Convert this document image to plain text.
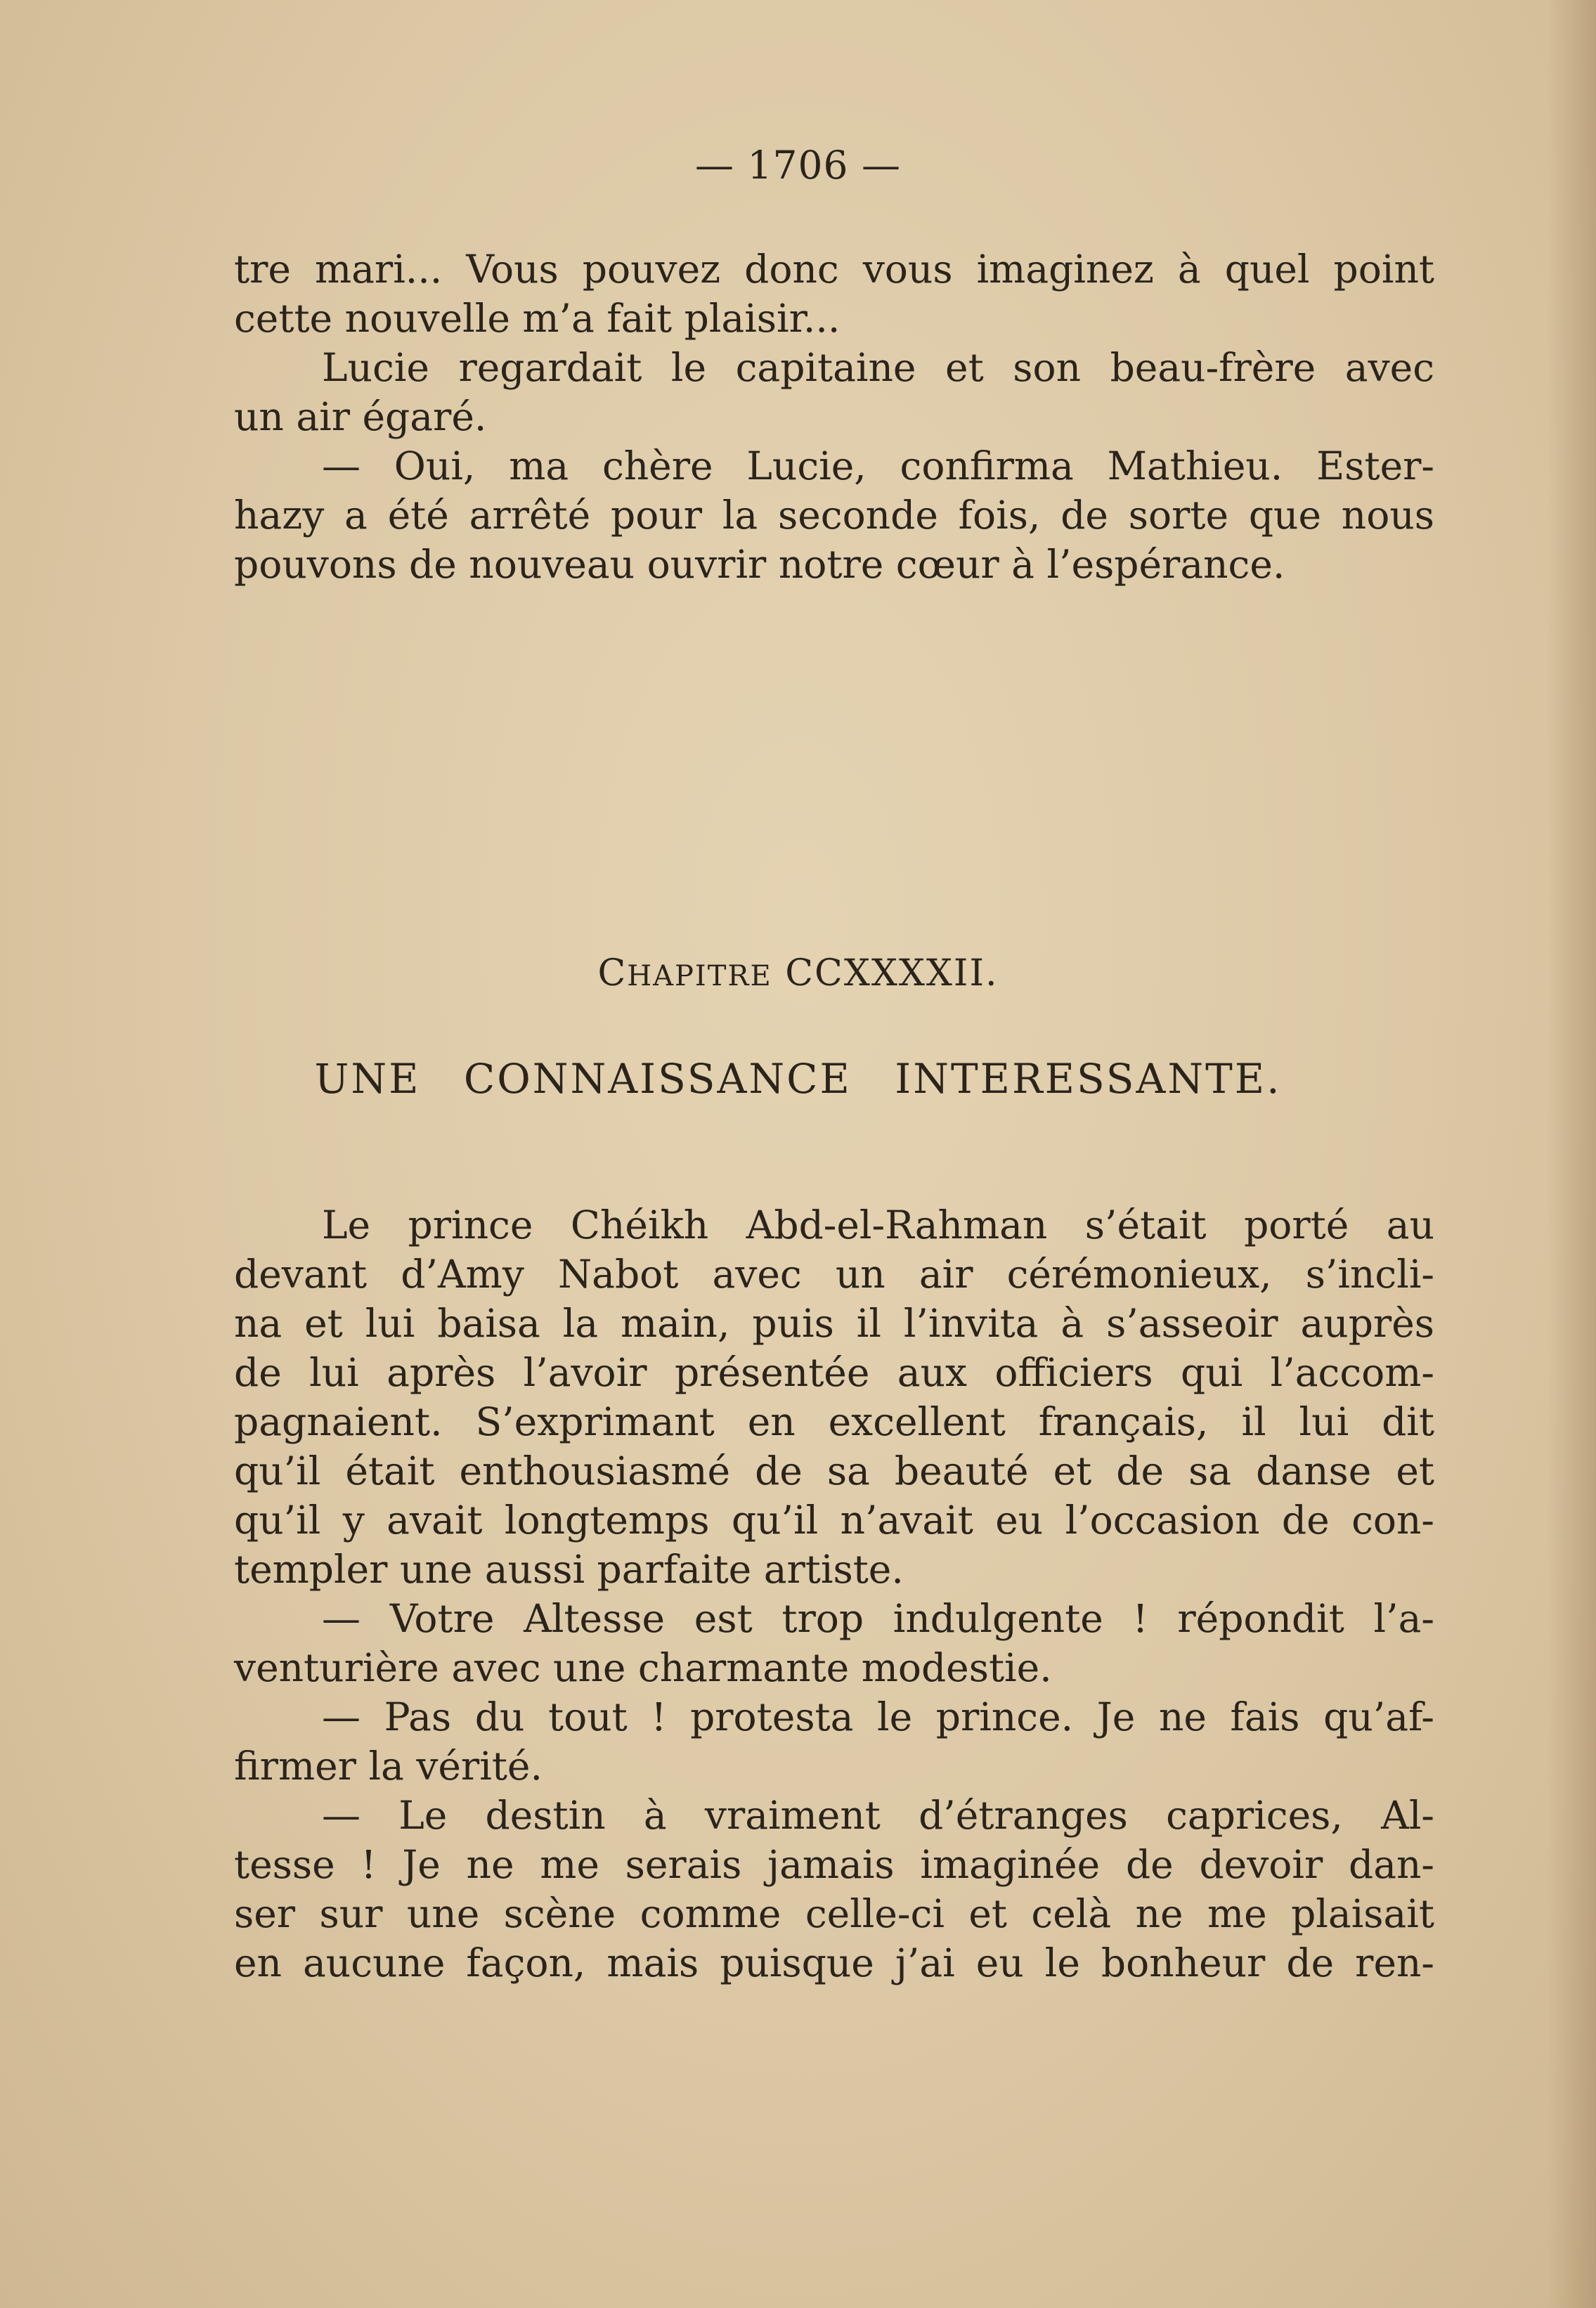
— 1706 —
tre mari... Vous pouvez donc vous imaginez à quel point
cette nouvelle m’a fait plaisir...
Lucie regardait le capitaine et son beau-frère avec
un air égaré.
— Oui, ma chère Lucie, confirma Mathieu. Ester-
hazy a été arrêté pour la seconde fois, de sorte que nous
pouvons de nouveau ouvrir notre cœur à l’espérance.
CHAPITRE CCXXXXII.
UNE CONNAISSANCE INTERESSANTE.
Le prince Chéikh Abd-el-Rahman s’était porté au
devant d’Amy Nabot avec un air cérémonieux, s’incli-
na et lui baisa la main, puis il l’invita à s’asseoir auprès
de lui après l’avoir présentée aux officiers qui l’accom-
pagnaient. S’exprimant en excellent français, il lui dit
qu’il était enthousiasmé de sa beauté et de sa danse et
qu’il y avait longtemps qu’il n’avait eu l’occasion de con-
templer une aussi parfaite artiste.
— Votre Altesse est trop indulgente ! répondit l’a-
venturière avec une charmante modestie.
— Pas du tout ! protesta le prince. Je ne fais qu’af-
firmer la vérité.
— Le destin à vraiment d’étranges caprices, Al-
tesse ! Je ne me serais jamais imaginée de devoir dan-
ser sur une scène comme celle-ci et celà ne me plaisait
en aucune façon, mais puisque j’ai eu le bonheur de ren-
